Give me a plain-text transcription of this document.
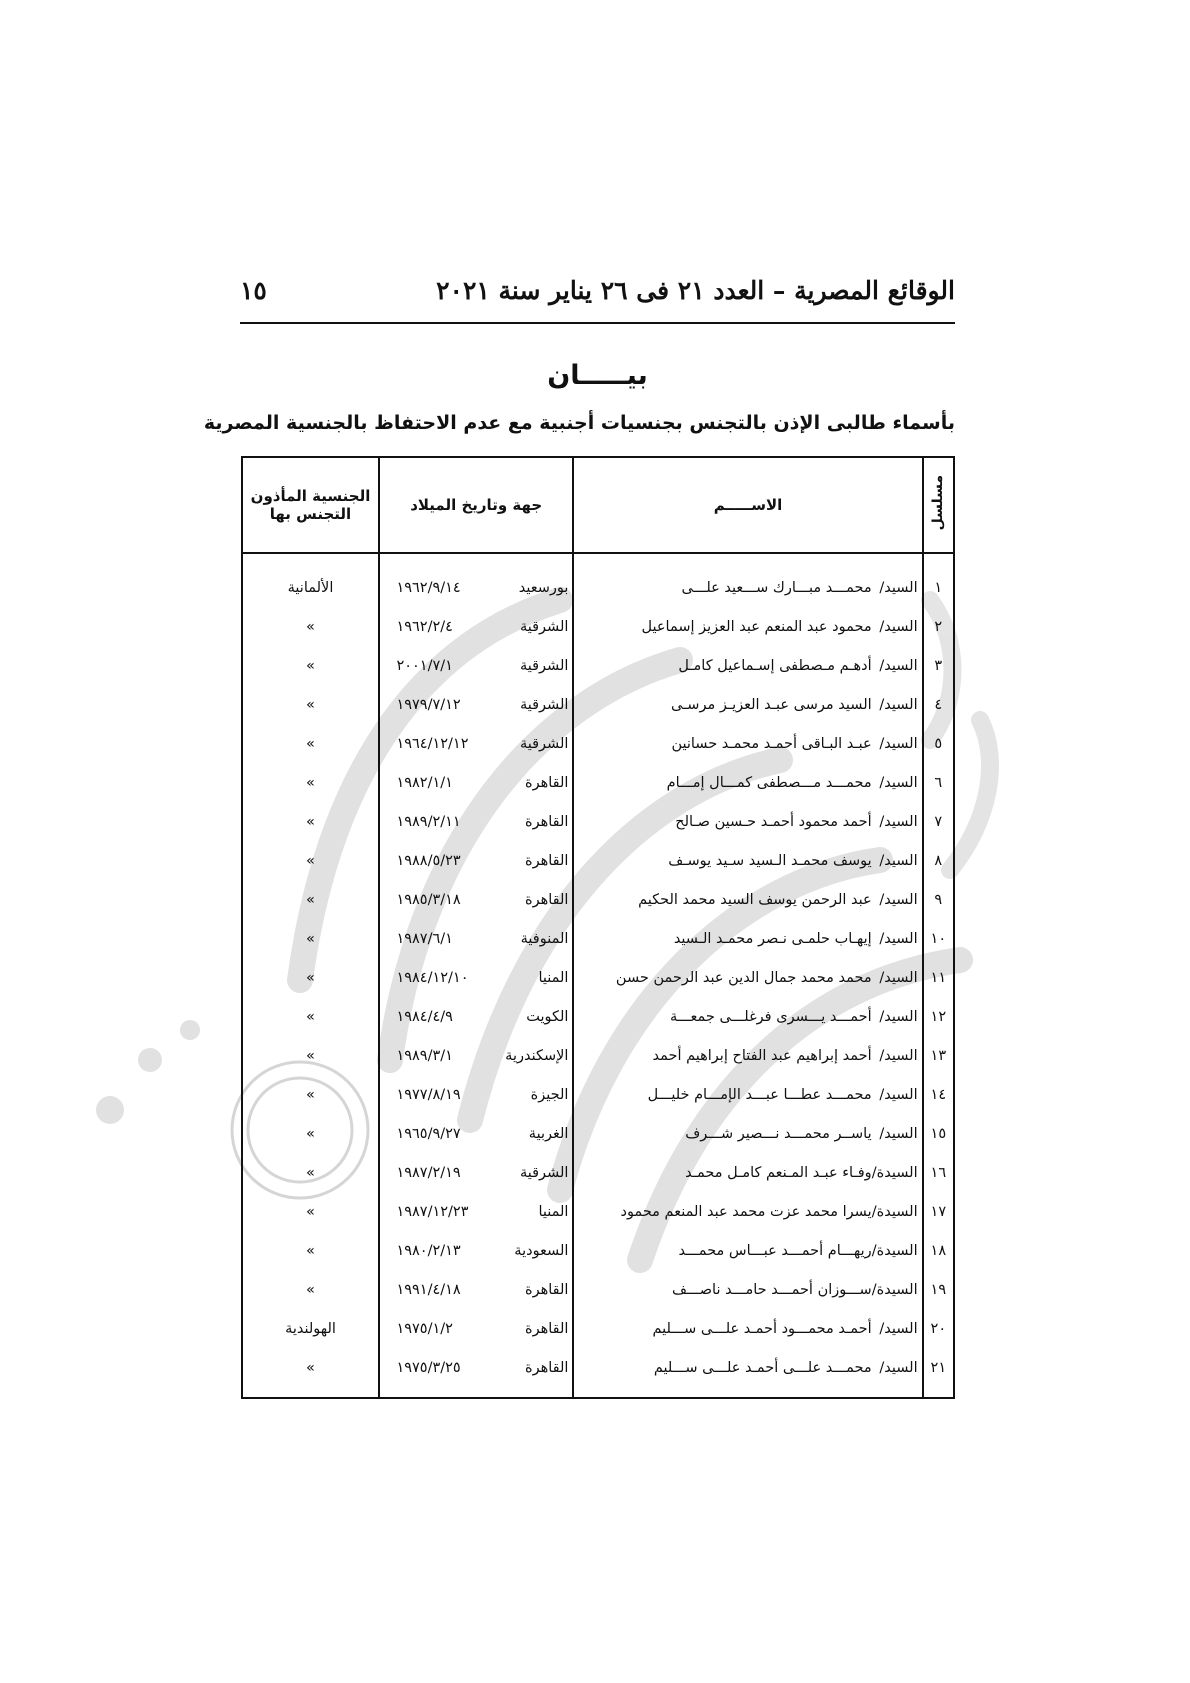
الوقائع المصرية – العدد ٢١ فى ٢٦ يناير سنة ٢٠٢١
١٥
بيـــــان
بأسماء طالبى الإذن بالتجنس بجنسيات أجنبية مع عدم الاحتفاظ بالجنسية المصرية
مسلسل	الاســـــم	جهة وتاريخ الميلاد	الجنسية المأذون
التجنس بها

١	السيد/محمـــد مبـــارك ســـعيد علـــى	بورسعيد١٩٦٢/٩/١٤	الألمانية
٢	السيد/محمود عبد المنعم عبد العزيز إسماعيل	الشرقية١٩٦٢/٢/٤	»
٣	السيد/أدهـم مـصطفى إسـماعيل كامـل	الشرقية٢٠٠١/٧/١	»
٤	السيد/السيد مرسى عبـد العزيـز مرسـى	الشرقية١٩٧٩/٧/١٢	»
٥	السيد/عبـد البـاقى أحمـد محمـد حسانين	الشرقية١٩٦٤/١٢/١٢	»
٦	السيد/محمـــد مـــصطفى كمـــال إمـــام	القاهرة١٩٨٢/١/١	»
٧	السيد/أحمد محمود أحمـد حـسين صـالح	القاهرة١٩٨٩/٢/١١	»
٨	السيد/يوسف محمـد الـسيد سـيد يوسـف	القاهرة١٩٨٨/٥/٢٣	»
٩	السيد/عبد الرحمن يوسف السيد محمد الحكيم	القاهرة١٩٨٥/٣/١٨	»
١٠	السيد/إيهـاب حلمـى نـصر محمـد الـسيد	المنوفية١٩٨٧/٦/١	»
١١	السيد/محمد محمد جمال الدين عبد الرحمن حسن	المنيا١٩٨٤/١٢/١٠	»
١٢	السيد/أحمـــد يـــسرى فرغلـــى جمعـــة	الكويت١٩٨٤/٤/٩	»
١٣	السيد/أحمد إبراهيم عبد الفتاح إبراهيم أحمد	الإسكندرية١٩٨٩/٣/١	»
١٤	السيد/محمـــد عطـــا عبـــد الإمـــام خليـــل	الجيزة١٩٧٧/٨/١٩	»
١٥	السيد/ياســر محمـــد نـــصير شـــرف	الغربية١٩٦٥/٩/٢٧	»
١٦	السيدة/وفـاء عبـد المـنعم كامـل محمـد	الشرقية١٩٨٧/٢/١٩	»
١٧	السيدة/يسرا محمد عزت محمد عبد المنعم محمود	المنيا١٩٨٧/١٢/٢٣	»
١٨	السيدة/ريهـــام أحمـــد عبـــاس محمـــد	السعودية١٩٨٠/٢/١٣	»
١٩	السيدة/ســـوزان أحمـــد حامـــد ناصـــف	القاهرة١٩٩١/٤/١٨	»
٢٠	السيد/أحمـد محمـــود أحمـد علـــى ســـليم	القاهرة١٩٧٥/١/٢	الهولندية
٢١	السيد/محمـــد علـــى أحمـد علـــى ســـليم	القاهرة١٩٧٥/٣/٢٥	»
